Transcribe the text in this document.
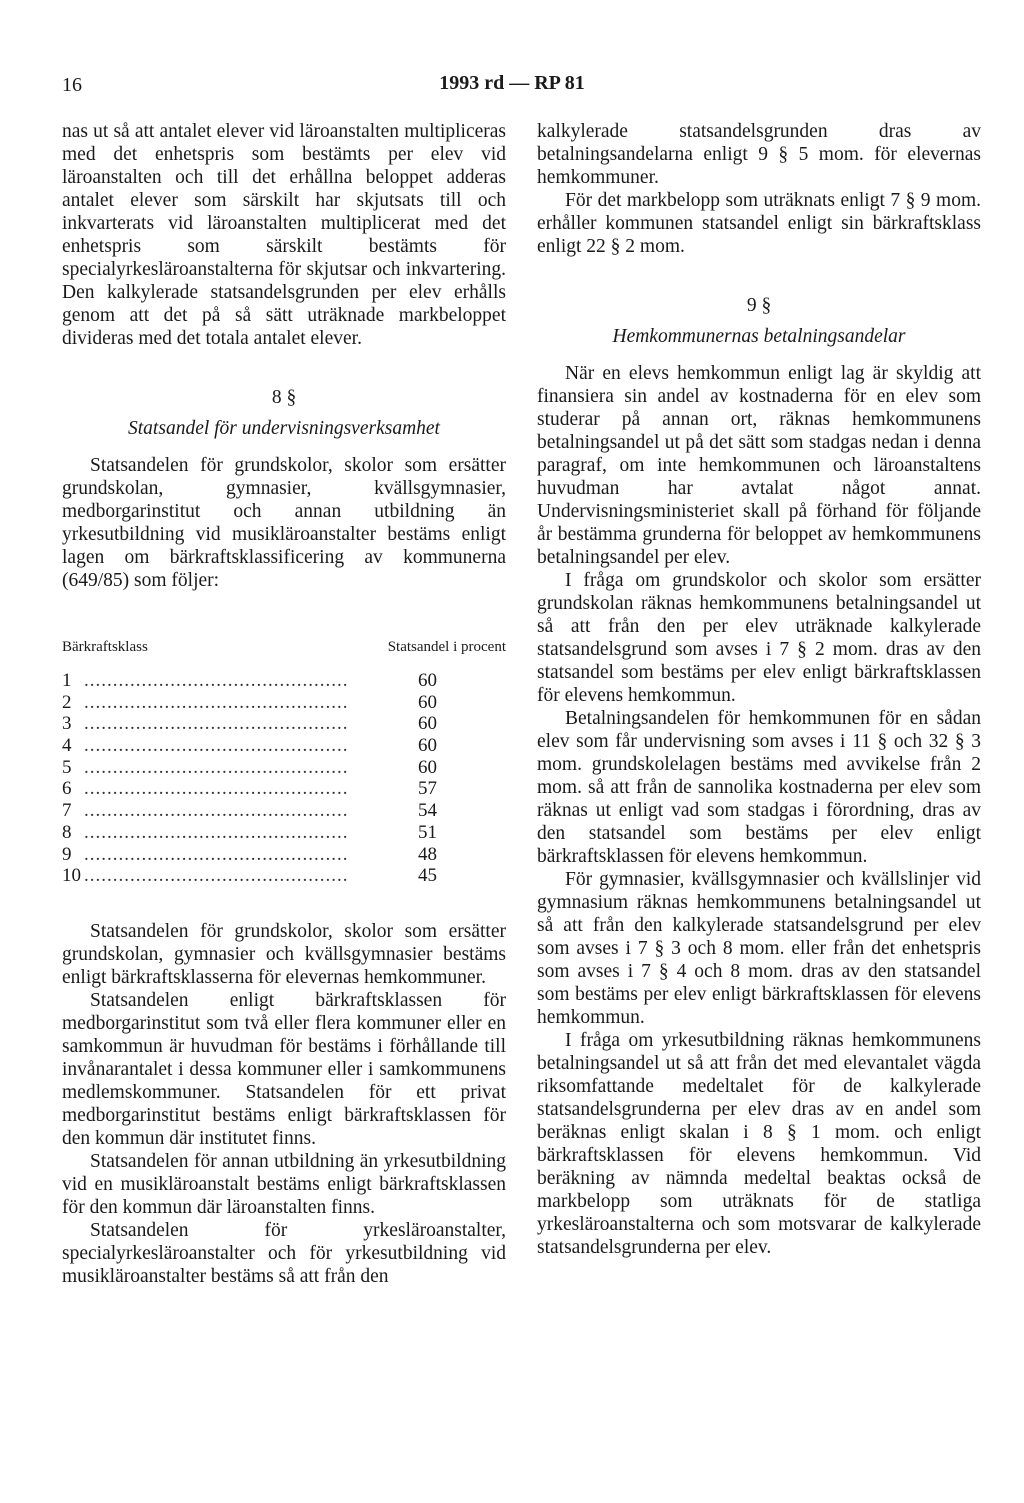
16	1993 rd — RP 81

nas ut så att antalet elever vid läroanstalten multipliceras med det enhetspris som bestämts per elev vid läroanstalten och till det erhållna beloppet adderas antalet elever som särskilt har skjutsats till och inkvarterats vid läroanstalten multiplicerat med det enhetspris som särskilt bestämts för specialyrkesläroanstalterna för skjutsar och inkvartering. Den kalkylerade statsandelsgrunden per elev erhålls genom att det på så sätt uträknade markbeloppet divideras med det totala antalet elever.

8 §
Statsandel för undervisningsverksamhet

Statsandelen för grundskolor, skolor som ersätter grundskolan, gymnasier, kvällsgymnasier, medborgarinstitut och annan utbildning än yrkesutbildning vid musikläroanstalter bestäms enligt lagen om bärkraftsklassificering av kommunerna (649/85) som följer:

Bärkraftsklass	Statsandel i procent
1 ..............................................	60
2 ..............................................	60
3 ..............................................	60
4 ..............................................	60
5 ..............................................	60
6 ..............................................	57
7 ..............................................	54
8 ..............................................	51
9 ..............................................	48
10 ..............................................	45

Statsandelen för grundskolor, skolor som ersätter grundskolan, gymnasier och kvällsgymnasier bestäms enligt bärkraftsklasserna för elevernas hemkommuner.

Statsandelen enligt bärkraftsklassen för medborgarinstitut som två eller flera kommuner eller en samkommun är huvudman för bestäms i förhållande till invånarantalet i dessa kommuner eller i samkommunens medlemskommuner. Statsandelen för ett privat medborgarinstitut bestäms enligt bärkraftsklassen för den kommun där institutet finns.

Statsandelen för annan utbildning än yrkesutbildning vid en musikläroanstalt bestäms enligt bärkraftsklassen för den kommun där läroanstalten finns.

Statsandelen för yrkesläroanstalter, specialyrkesläroanstalter och för yrkesutbildning vid musikläroanstalter bestäms så att från den

kalkylerade statsandelsgrunden dras av betalningsandelarna enligt 9 § 5 mom. för elevernas hemkommuner.

För det markbelopp som uträknats enligt 7 § 9 mom. erhåller kommunen statsandel enligt sin bärkraftsklass enligt 22 § 2 mom.

9 §
Hemkommunernas betalningsandelar

När en elevs hemkommun enligt lag är skyldig att finansiera sin andel av kostnaderna för en elev som studerar på annan ort, räknas hemkommunens betalningsandel ut på det sätt som stadgas nedan i denna paragraf, om inte hemkommunen och läroanstaltens huvudman har avtalat något annat. Undervisningsministeriet skall på förhand för följande år bestämma grunderna för beloppet av hemkommunens betalningsandel per elev.

I fråga om grundskolor och skolor som ersätter grundskolan räknas hemkommunens betalningsandel ut så att från den per elev uträknade kalkylerade statsandelsgrund som avses i 7 § 2 mom. dras av den statsandel som bestäms per elev enligt bärkraftsklassen för elevens hemkommun.

Betalningsandelen för hemkommunen för en sådan elev som får undervisning som avses i 11 § och 32 § 3 mom. grundskolelagen bestäms med avvikelse från 2 mom. så att från de sannolika kostnaderna per elev som räknas ut enligt vad som stadgas i förordning, dras av den statsandel som bestäms per elev enligt bärkraftsklassen för elevens hemkommun.

För gymnasier, kvällsgymnasier och kvällslinjer vid gymnasium räknas hemkommunens betalningsandel ut så att från den kalkylerade statsandelsgrund per elev som avses i 7 § 3 och 8 mom. eller från det enhetspris som avses i 7 § 4 och 8 mom. dras av den statsandel som bestäms per elev enligt bärkraftsklassen för elevens hemkommun.

I fråga om yrkesutbildning räknas hemkommunens betalningsandel ut så att från det med elevantalet vägda riksomfattande medeltalet för de kalkylerade statsandelsgrunderna per elev dras av en andel som beräknas enligt skalan i 8 § 1 mom. och enligt bärkraftsklassen för elevens hemkommun. Vid beräkning av nämnda medeltal beaktas också de markbelopp som uträknats för de statliga yrkesläroanstalterna och som motsvarar de kalkylerade statsandelsgrunderna per elev.
